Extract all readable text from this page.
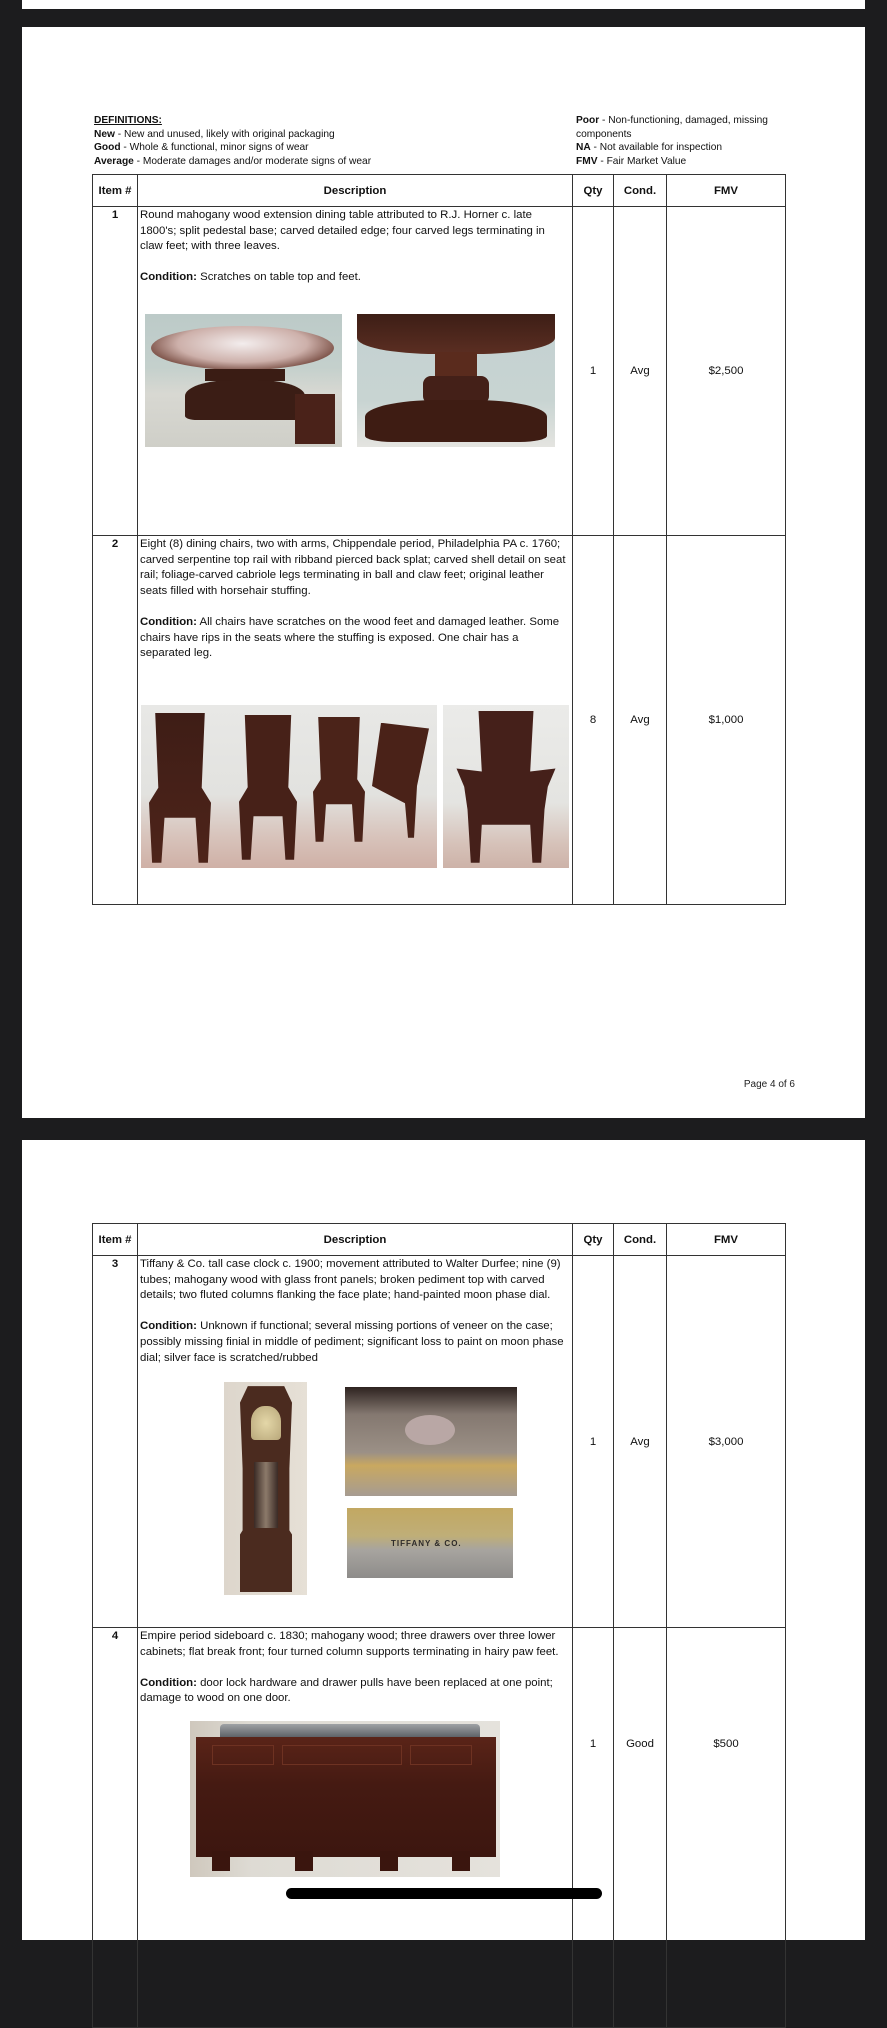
DEFINITIONS:
New - New and unused, likely with original packaging
Good - Whole & functional, minor signs of wear
Average - Moderate damages and/or moderate signs of wear
Poor - Non-functioning, damaged, missing components
NA - Not available for inspection
FMV - Fair Market Value
Item #	Description	Qty	Cond.	FMV
1	Round mahogany wood extension dining table attributed to R.J. Horner c. late 1800's; split pedestal base; carved detailed edge; four carved legs terminating in claw feet; with three leaves.

Condition: Scratches on table top and feet.	1	Avg	$2,500
2	Eight (8) dining chairs, two with arms, Chippendale period, Philadelphia PA c. 1760; carved serpentine top rail with ribband pierced back splat; carved shell detail on seat rail; foliage-carved cabriole legs terminating in ball and claw feet; original leather seats filled with horsehair stuffing.

Condition: All chairs have scratches on the wood feet and damaged leather. Some chairs have rips in the seats where the stuffing is exposed. One chair has a separated leg.	8	Avg	$1,000
Page 4 of 6
Item #	Description	Qty	Cond.	FMV
3	Tiffany & Co. tall case clock c. 1900; movement attributed to Walter Durfee; nine (9) tubes; mahogany wood with glass front panels; broken pediment top with carved details; two fluted columns flanking the face plate; hand-painted moon phase dial.

Condition: Unknown if functional; several missing portions of veneer on the case; possibly missing finial in middle of pediment; significant loss to paint on moon phase dial; silver face is scratched/rubbed

TIFFANY & CO.	1	Avg	$3,000
4	Empire period sideboard c. 1830; mahogany wood; three drawers over three lower cabinets; flat break front; four turned column supports terminating in hairy paw feet.

Condition: door lock hardware and drawer pulls have been replaced at one point; damage to wood on one door.	1	Good	$500
